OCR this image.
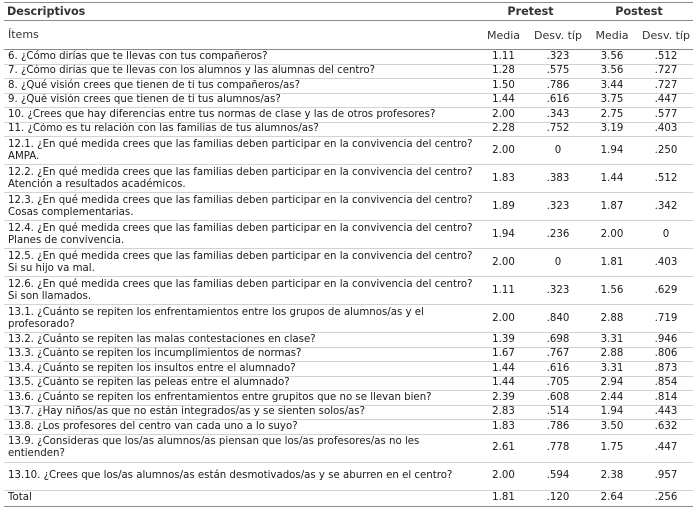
Descriptivos	Pretest		Postest	
Ítems	Media	Desv. típ	Media	Desv. típ
6. ¿Cómo dirías que te llevas con tus compañeros?	1.11	.323	3.56	.512
7. ¿Cómo dirías que te llevas con los alumnos y las alumnas del centro?	1.28	.575	3.56	.727
8. ¿Qué visión crees que tienen de ti tus compañeros/as?	1.50	.786	3.44	.727
9. ¿Qué visión crees que tienen de ti tus alumnos/as?	1.44	.616	3.75	.447
10. ¿Crees que hay diferencias entre tus normas de clase y las de otros profesores?	2.00	.343	2.75	.577
11. ¿Cómo es tu relación con las familias de tus alumnos/as?	2.28	.752	3.19	.403
12.1. ¿En qué medida crees que las familias deben participar en la convivencia del centro? AMPA.	2.00	0	1.94	.250
12.2. ¿En qué medida crees que las familias deben participar en la convivencia del centro? Atención a resultados académicos.	1.83	.383	1.44	.512
12.3. ¿En qué medida crees que las familias deben participar en la convivencia del centro? Cosas complementarias.	1.89	.323	1.87	.342
12.4. ¿En qué medida crees que las familias deben participar en la convivencia del centro? Planes de convivencia.	1.94	.236	2.00	0
12.5. ¿En qué medida crees que las familias deben participar en la convivencia del centro? Si su hijo va mal.	2.00	0	1.81	.403
12.6. ¿En qué medida crees que las familias deben participar en la convivencia del centro? Si son llamados.	1.11	.323	1.56	.629
13.1. ¿Cuánto se repiten los enfrentamientos entre los grupos de alumnos/as y el profesorado?	2.00	.840	2.88	.719
13.2. ¿Cuánto se repiten las malas contestaciones en clase?	1.39	.698	3.31	.946
13.3. ¿Cuánto se repiten los incumplimientos de normas?	1.67	.767	2.88	.806
13.4. ¿Cuánto se repiten los insultos entre el alumnado?	1.44	.616	3.31	.873
13.5. ¿Cuánto se repiten las peleas entre el alumnado?	1.44	.705	2.94	.854
13.6. ¿Cuánto se repiten los enfrentamientos entre grupitos que no se llevan bien?	2.39	.608	2.44	.814
13.7. ¿Hay niños/as que no están integrados/as y se sienten solos/as?	2.83	.514	1.94	.443
13.8. ¿Los profesores del centro van cada uno a lo suyo?	1.83	.786	3.50	.632
13.9. ¿Consideras que los/as alumnos/as piensan que los/as profesores/as no les entienden?	2.61	.778	1.75	.447
13.10. ¿Crees que los/as alumnos/as están desmotivados/as y se aburren en el centro?	2.00	.594	2.38	.957
Total	1.81	.120	2.64	.256
